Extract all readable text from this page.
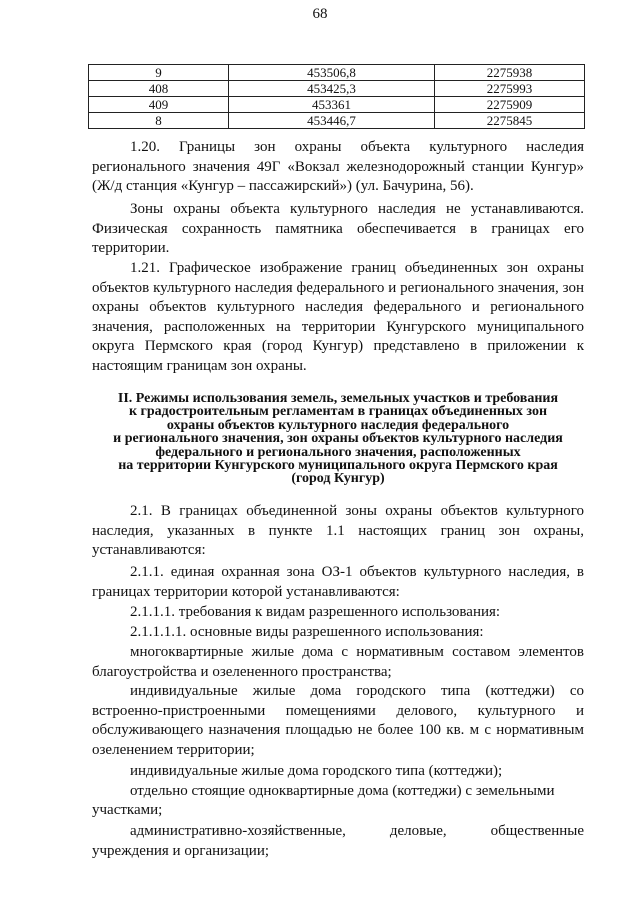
68
9	453506,8	2275938
408	453425,3	2275993
409	453361	2275909
8	453446,7	2275845

1.20. Границы зон охраны объекта культурного наследия регионального значения 49Г «Вокзал железнодорожный станции Кунгур» (Ж/д станция «Кунгур – пассажирский») (ул. Бачурина, 56).

Зоны охраны объекта культурного наследия не устанавливаются. Физическая сохранность памятника обеспечивается в границах его территории.

1.21. Графическое изображение границ объединенных зон охраны объектов культурного наследия федерального и регионального значения, зон охраны объектов культурного наследия федерального и регионального значения, расположенных на территории Кунгурского муниципального округа Пермского края (город Кунгур) представлено в приложении к настоящим границам зон охраны.

II. Режимы использования земель, земельных участков и требования
к градостроительным регламентам в границах объединенных зон
охраны объектов культурного наследия федерального
и регионального значения, зон охраны объектов культурного наследия
федерального и регионального значения, расположенных
на территории Кунгурского муниципального округа Пермского края
(город Кунгур)

2.1. В границах объединенной зоны охраны объектов культурного наследия, указанных в пункте 1.1 настоящих границ зон охраны, устанавливаются:

2.1.1. единая охранная зона ОЗ-1 объектов культурного наследия, в границах территории которой устанавливаются:

2.1.1.1. требования к видам разрешенного использования:

2.1.1.1.1. основные виды разрешенного использования:

многоквартирные жилые дома с нормативным составом элементов благоустройства и озелененного пространства;

индивидуальные жилые дома городского типа (коттеджи) со встроенно-пристроенными помещениями делового, культурного и обслуживающего назначения площадью не более 100 кв. м с нормативным озеленением территории;

индивидуальные жилые дома городского типа (коттеджи);

отдельно стоящие одноквартирные дома (коттеджи) с земельными

участками;

административно-хозяйственные, деловые, общественные учреждения и организации;
